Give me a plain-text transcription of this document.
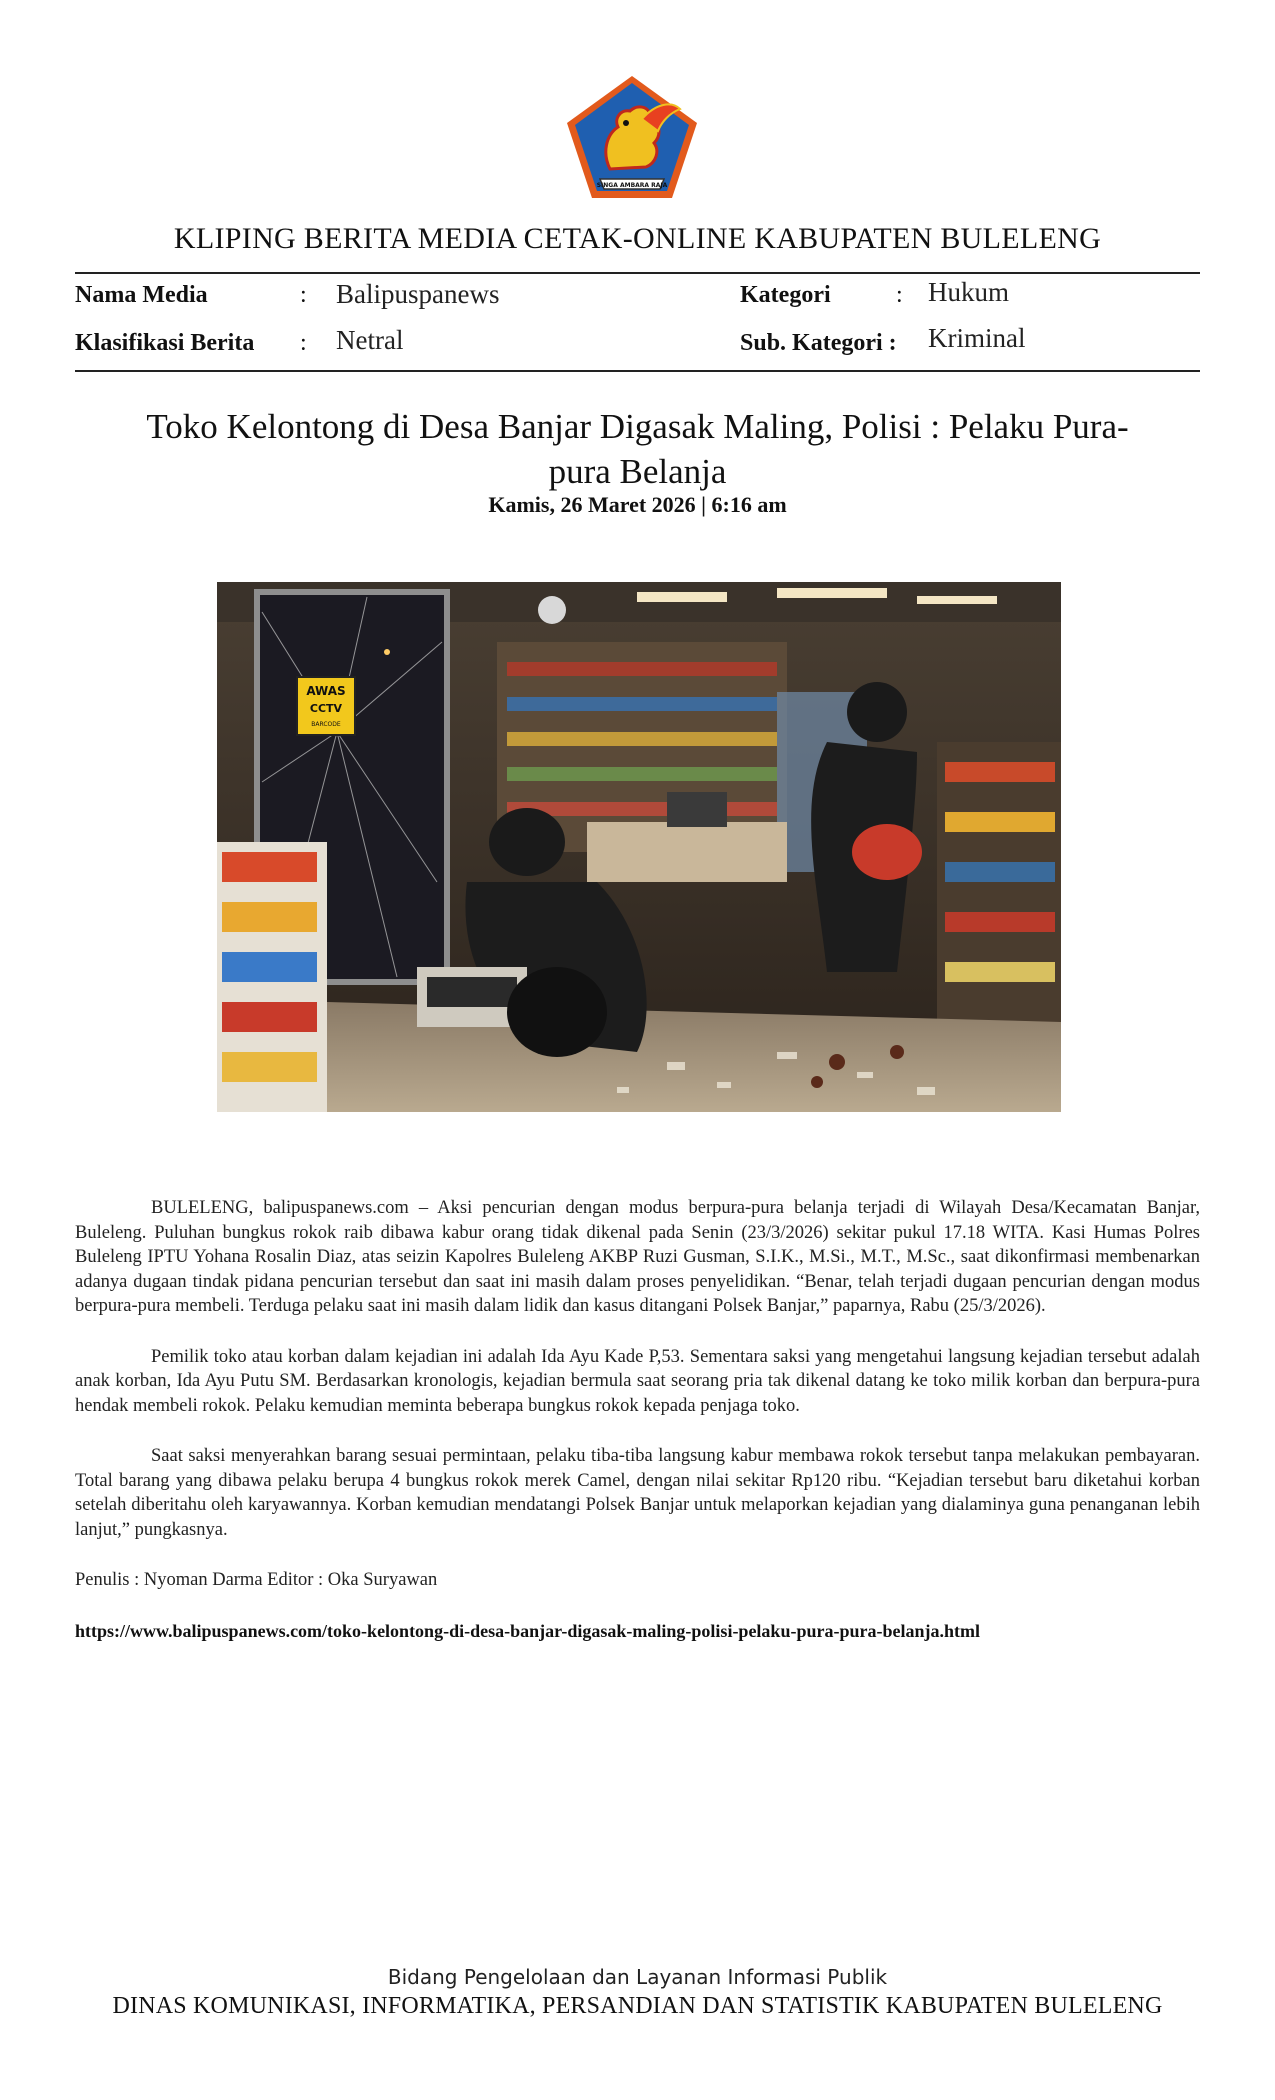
SINGA AMBARA RAJA
KLIPING BERITA MEDIA CETAK-ONLINE KABUPATEN BULELENG
Nama Media	: Balipuspanews	Kategori	: Hukum
Klasifikasi Berita : Netral	Sub. Kategori : Kriminal
Toko Kelontong di Desa Banjar Digasak Maling, Polisi : Pelaku Pura-pura Belanja
Kamis, 26 Maret 2026 | 6:16 am
AWAS
CCTV
BARCODE

BULELENG, balipuspanews.com – Aksi pencurian dengan modus berpura-pura belanja terjadi di Wilayah Desa/Kecamatan Banjar, Buleleng. Puluhan bungkus rokok raib dibawa kabur orang tidak dikenal pada Senin (23/3/2026) sekitar pukul 17.18 WITA. Kasi Humas Polres Buleleng IPTU Yohana Rosalin Diaz, atas seizin Kapolres Buleleng AKBP Ruzi Gusman, S.I.K., M.Si., M.T., M.Sc., saat dikonfirmasi membenarkan adanya dugaan tindak pidana pencurian tersebut dan saat ini masih dalam proses penyelidikan. “Benar, telah terjadi dugaan pencurian dengan modus berpura-pura membeli. Terduga pelaku saat ini masih dalam lidik dan kasus ditangani Polsek Banjar,” paparnya, Rabu (25/3/2026).

Pemilik toko atau korban dalam kejadian ini adalah Ida Ayu Kade P,53. Sementara saksi yang mengetahui langsung kejadian tersebut adalah anak korban, Ida Ayu Putu SM. Berdasarkan kronologis, kejadian bermula saat seorang pria tak dikenal datang ke toko milik korban dan berpura-pura hendak membeli rokok. Pelaku kemudian meminta beberapa bungkus rokok kepada penjaga toko.

Saat saksi menyerahkan barang sesuai permintaan, pelaku tiba-tiba langsung kabur membawa rokok tersebut tanpa melakukan pembayaran. Total barang yang dibawa pelaku berupa 4 bungkus rokok merek Camel, dengan nilai sekitar Rp120 ribu. “Kejadian tersebut baru diketahui korban setelah diberitahu oleh karyawannya. Korban kemudian mendatangi Polsek Banjar untuk melaporkan kejadian yang dialaminya guna penanganan lebih lanjut,” pungkasnya.

Penulis : Nyoman Darma Editor : Oka Suryawan

https://www.balipuspanews.com/toko-kelontong-di-desa-banjar-digasak-maling-polisi-pelaku-pura-pura-belanja.html

Bidang Pengelolaan dan Layanan Informasi Publik
DINAS KOMUNIKASI, INFORMATIKA, PERSANDIAN DAN STATISTIK KABUPATEN BULELENG
